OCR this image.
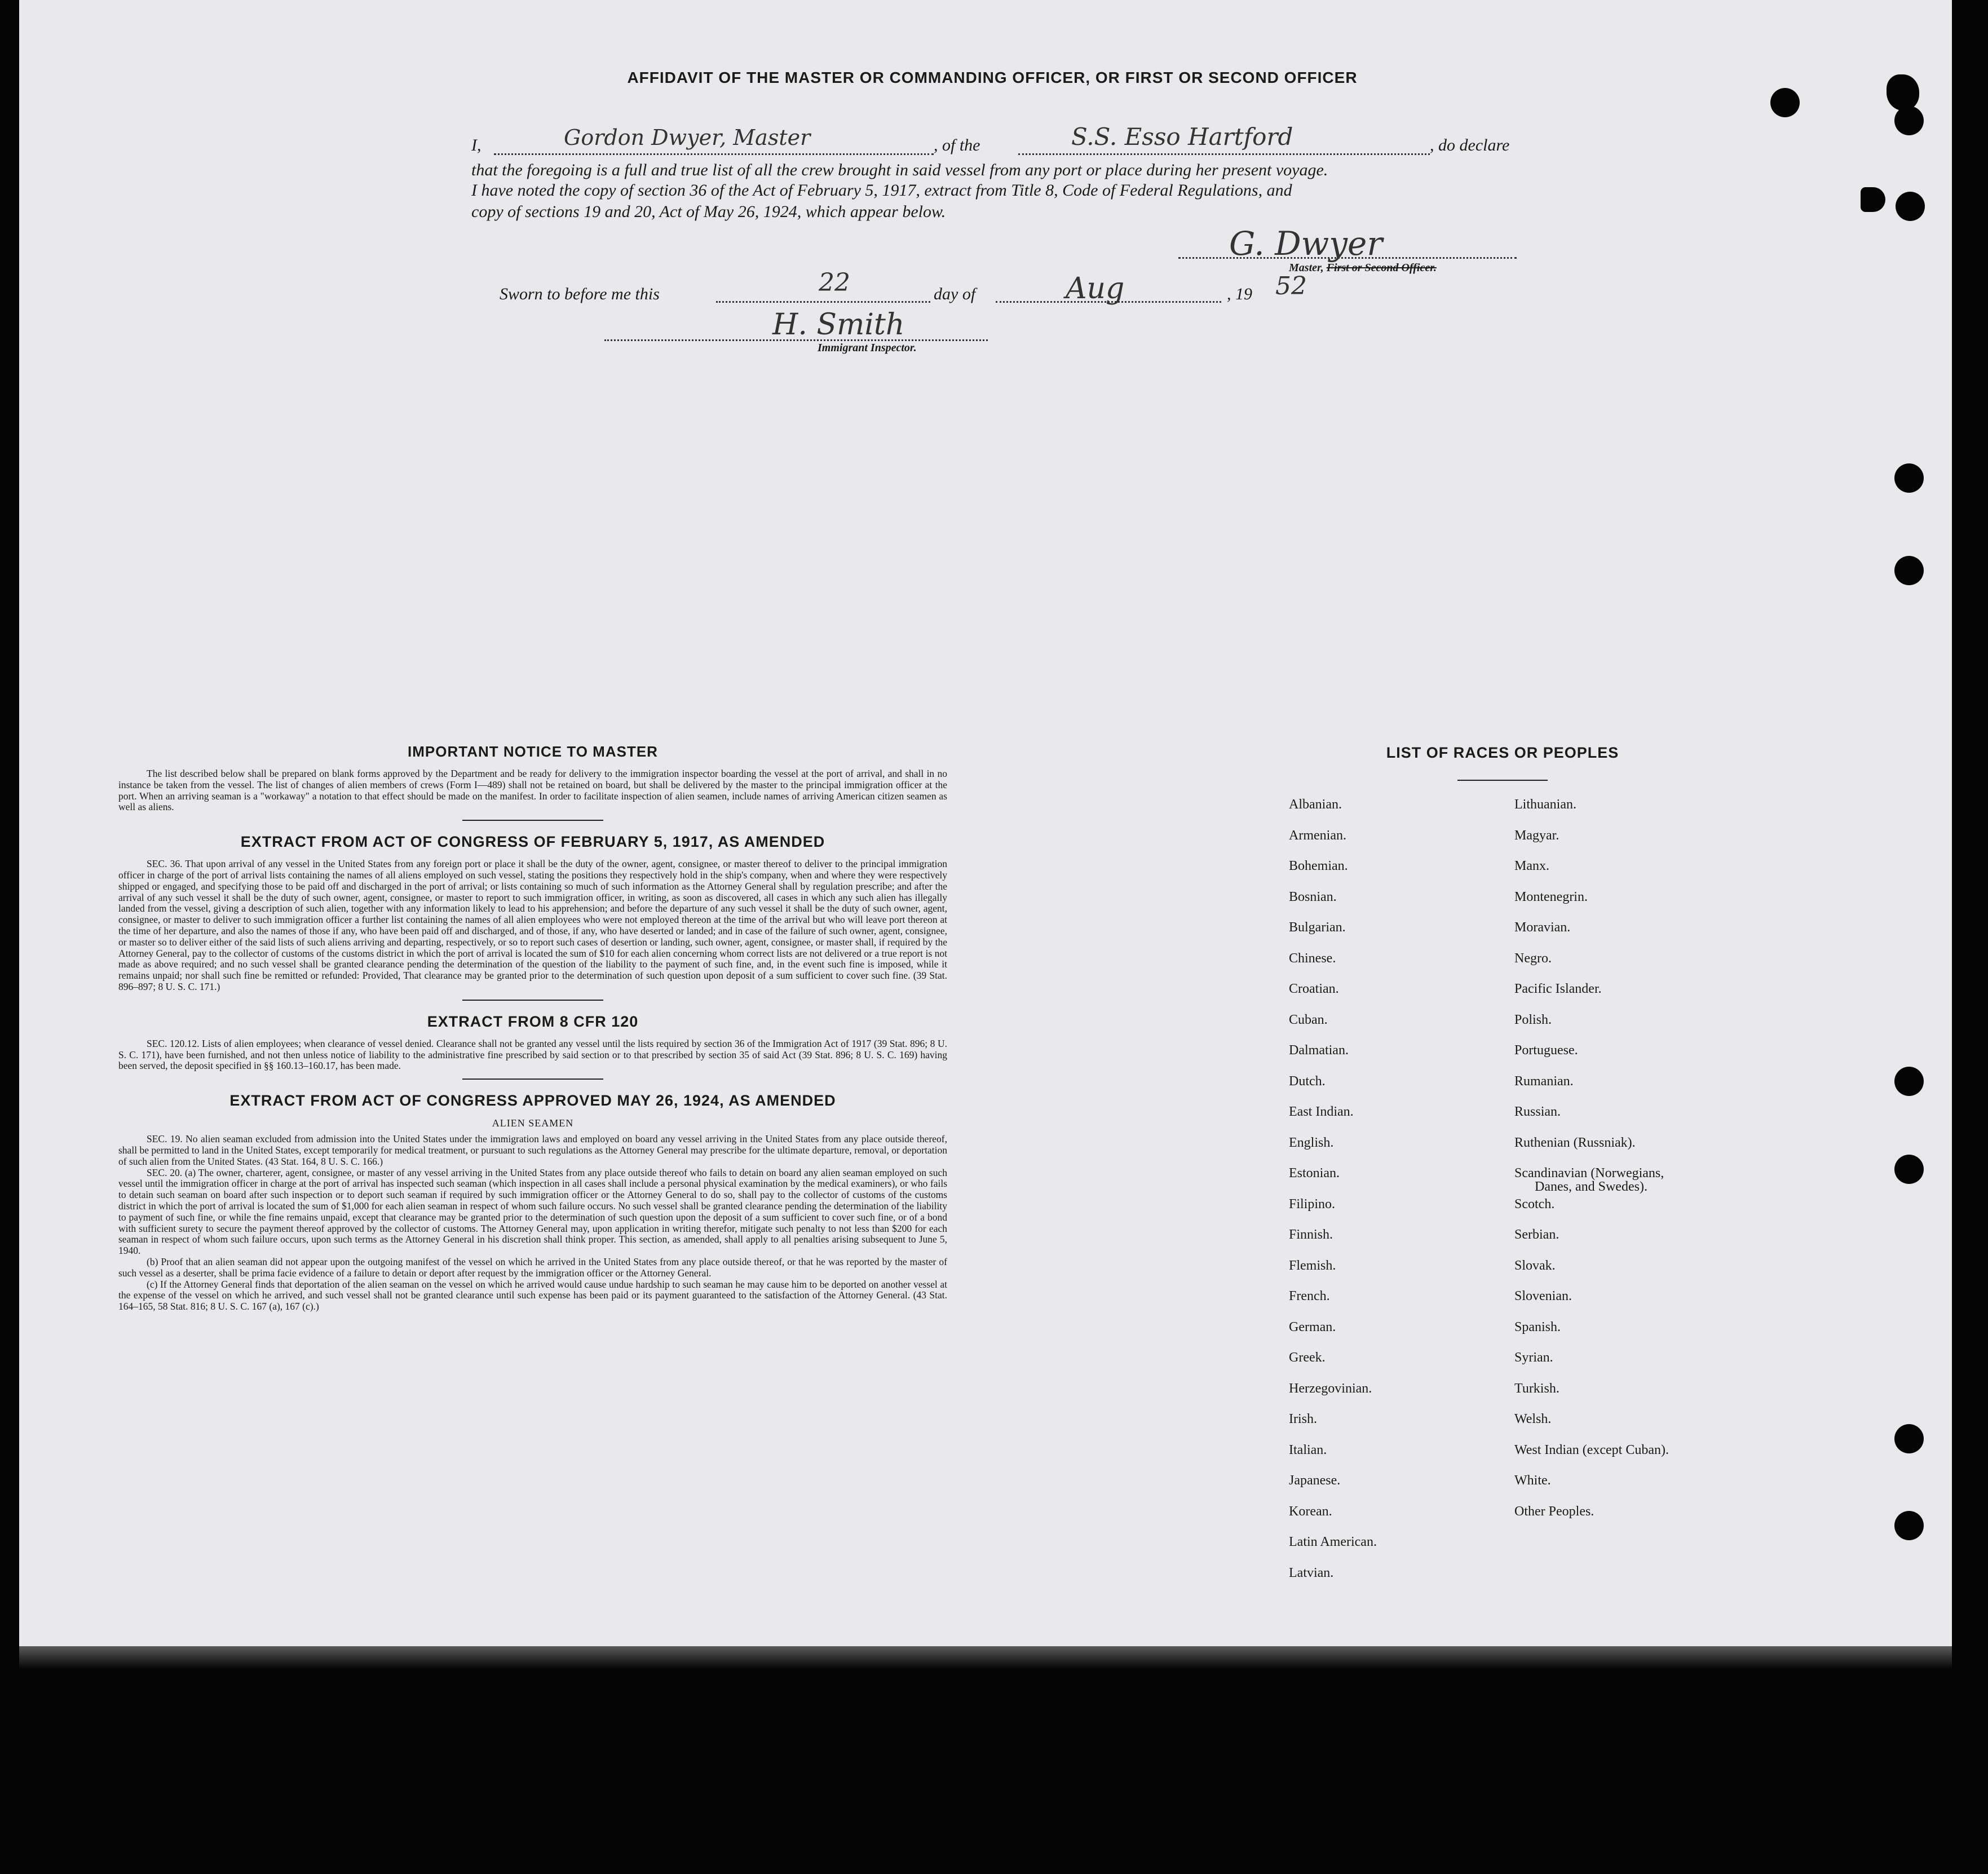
AFFIDAVIT OF THE MASTER OR COMMANDING OFFICER, OR FIRST OR SECOND OFFICER
I,	, of the	, do declare
Gordon Dwyer, Master	S.S. Esso Hartford
that the foregoing is a full and true list of all the crew brought in said vessel from any port or place during her present voyage.
I have noted the copy of section 36 of the Act of February 5, 1917, extract from Title 8, Code of Federal Regulations, and
copy of sections 19 and 20, Act of May 26, 1924, which appear below.
G. Dwyer
Master, First or Second Officer.
Sworn to before me this	day of	, 19
22	Aug	52
H. Smith
Immigrant Inspector.
IMPORTANT NOTICE TO MASTER

The list described below shall be prepared on blank forms approved by the Department and be ready for delivery to the immigration inspector boarding the vessel at the port of arrival, and shall in no instance be taken from the vessel. The list of changes of alien members of crews (Form I—489) shall not be retained on board, but shall be delivered by the master to the principal immigration officer at the port. When an arriving seaman is a "workaway" a notation to that effect should be made on the manifest. In order to facilitate inspection of alien seamen, include names of arriving American citizen seamen as well as aliens.

EXTRACT FROM ACT OF CONGRESS OF FEBRUARY 5, 1917, AS AMENDED

SEC. 36. That upon arrival of any vessel in the United States from any foreign port or place it shall be the duty of the owner, agent, consignee, or master thereof to deliver to the principal immigration officer in charge of the port of arrival lists containing the names of all aliens employed on such vessel, stating the positions they respectively hold in the ship's company, when and where they were respectively shipped or engaged, and specifying those to be paid off and discharged in the port of arrival; or lists containing so much of such information as the Attorney General shall by regulation prescribe; and after the arrival of any such vessel it shall be the duty of such owner, agent, consignee, or master to report to such immigration officer, in writing, as soon as discovered, all cases in which any such alien has illegally landed from the vessel, giving a description of such alien, together with any information likely to lead to his apprehension; and before the departure of any such vessel it shall be the duty of such owner, agent, consignee, or master to deliver to such immigration officer a further list containing the names of all alien employees who were not employed thereon at the time of the arrival but who will leave port thereon at the time of her departure, and also the names of those if any, who have been paid off and discharged, and of those, if any, who have deserted or landed; and in case of the failure of such owner, agent, consignee, or master so to deliver either of the said lists of such aliens arriving and departing, respectively, or so to report such cases of desertion or landing, such owner, agent, consignee, or master shall, if required by the Attorney General, pay to the collector of customs of the customs district in which the port of arrival is located the sum of $10 for each alien concerning whom correct lists are not delivered or a true report is not made as above required; and no such vessel shall be granted clearance pending the determination of the question of the liability to the payment of such fine, and, in the event such fine is imposed, while it remains unpaid; nor shall such fine be remitted or refunded: Provided, That clearance may be granted prior to the determination of such question upon deposit of a sum sufficient to cover such fine. (39 Stat. 896–897; 8 U. S. C. 171.)

EXTRACT FROM 8 CFR 120

SEC. 120.12. Lists of alien employees; when clearance of vessel denied. Clearance shall not be granted any vessel until the lists required by section 36 of the Immigration Act of 1917 (39 Stat. 896; 8 U. S. C. 171), have been furnished, and not then unless notice of liability to the administrative fine prescribed by said section or to that prescribed by section 35 of said Act (39 Stat. 896; 8 U. S. C. 169) having been served, the deposit specified in §§ 160.13–160.17, has been made.

EXTRACT FROM ACT OF CONGRESS APPROVED MAY 26, 1924, AS AMENDED
ALIEN SEAMEN

SEC. 19. No alien seaman excluded from admission into the United States under the immigration laws and employed on board any vessel arriving in the United States from any place outside thereof, shall be permitted to land in the United States, except temporarily for medical treatment, or pursuant to such regulations as the Attorney General may prescribe for the ultimate departure, removal, or deportation of such alien from the United States. (43 Stat. 164, 8 U. S. C. 166.)

SEC. 20. (a) The owner, charterer, agent, consignee, or master of any vessel arriving in the United States from any place outside thereof who fails to detain on board any alien seaman employed on such vessel until the immigration officer in charge at the port of arrival has inspected such seaman (which inspection in all cases shall include a personal physical examination by the medical examiners), or who fails to detain such seaman on board after such inspection or to deport such seaman if required by such immigration officer or the Attorney General to do so, shall pay to the collector of customs of the customs district in which the port of arrival is located the sum of $1,000 for each alien seaman in respect of whom such failure occurs. No such vessel shall be granted clearance pending the determination of the liability to payment of such fine, or while the fine remains unpaid, except that clearance may be granted prior to the determination of such question upon the deposit of a sum sufficient to cover such fine, or of a bond with sufficient surety to secure the payment thereof approved by the collector of customs. The Attorney General may, upon application in writing therefor, mitigate such penalty to not less than $200 for each seaman in respect of whom such failure occurs, upon such terms as the Attorney General in his discretion shall think proper. This section, as amended, shall apply to all penalties arising subsequent to June 5, 1940.

(b) Proof that an alien seaman did not appear upon the outgoing manifest of the vessel on which he arrived in the United States from any place outside thereof, or that he was reported by the master of such vessel as a deserter, shall be prima facie evidence of a failure to detain or deport after request by the immigration officer or the Attorney General.

(c) If the Attorney General finds that deportation of the alien seaman on the vessel on which he arrived would cause undue hardship to such seaman he may cause him to be deported on another vessel at the expense of the vessel on which he arrived, and such vessel shall not be granted clearance until such expense has been paid or its payment guaranteed to the satisfaction of the Attorney General. (43 Stat. 164–165, 58 Stat. 816; 8 U. S. C. 167 (a), 167 (c).)

LIST OF RACES OR PEOPLES
Albanian.
Armenian.
Bohemian.
Bosnian.
Bulgarian.
Chinese.
Croatian.
Cuban.
Dalmatian.
Dutch.
East Indian.
English.
Estonian.
Filipino.
Finnish.
Flemish.
French.
German.
Greek.
Herzegovinian.
Irish.
Italian.
Japanese.
Korean.
Latin American.
Latvian.
Lithuanian.
Magyar.
Manx.
Montenegrin.
Moravian.
Negro.
Pacific Islander.
Polish.
Portuguese.
Rumanian.
Russian.
Ruthenian (Russniak).
Scandinavian (Norwegians,
Danes, and Swedes).
Scotch.
Serbian.
Slovak.
Slovenian.
Spanish.
Syrian.
Turkish.
Welsh.
West Indian (except Cuban).
White.
Other Peoples.
